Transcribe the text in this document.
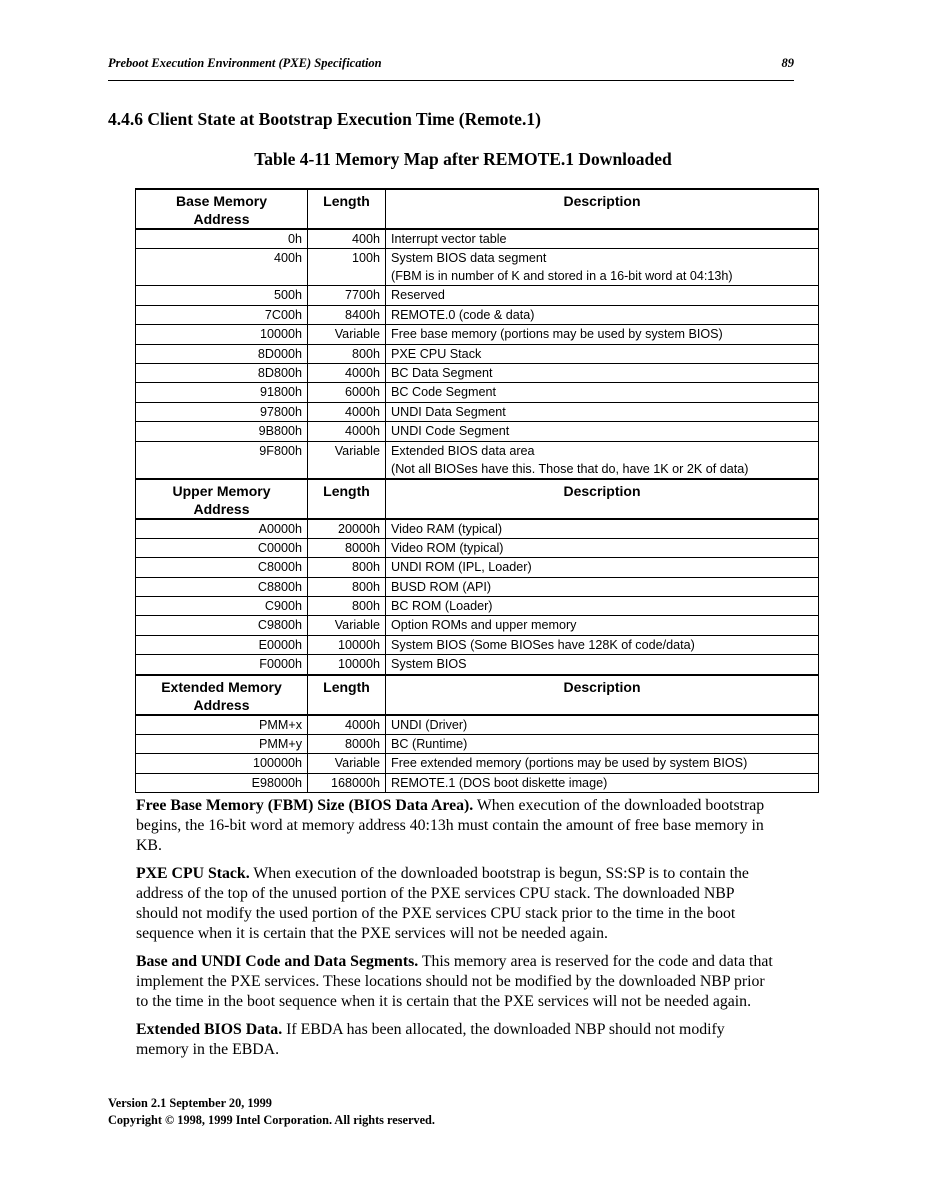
Preboot Execution Environment (PXE) Specification	89
4.4.6 Client State at Bootstrap Execution Time (Remote.1)
Table 4-11 Memory Map after REMOTE.1 Downloaded
Base Memory
Address	Length	Description
0h	400h	Interrupt vector table

400h	100h	System BIOS data segment
(FBM is in number of K and stored in a 16-bit word at 04:13h)

500h	7700h	Reserved

7C00h	8400h	REMOTE.0 (code & data)

10000h	Variable	Free base memory (portions may be used by system BIOS)

8D000h	800h	PXE CPU Stack

8D800h	4000h	BC Data Segment

91800h	6000h	BC Code Segment

97800h	4000h	UNDI Data Segment

9B800h	4000h	UNDI Code Segment

9F800h	Variable	Extended BIOS data area
(Not all BIOSes have this. Those that do, have 1K or 2K of data)

Upper Memory
Address	Length	Description
A0000h	20000h	Video RAM (typical)

C0000h	8000h	Video ROM (typical)

C8000h	800h	UNDI ROM (IPL, Loader)

C8800h	800h	BUSD ROM (API)

C900h	800h	BC ROM (Loader)

C9800h	Variable	Option ROMs and upper memory

E0000h	10000h	System BIOS (Some BIOSes have 128K of code/data)

F0000h	10000h	System BIOS

Extended Memory
Address	Length	Description
PMM+x	4000h	UNDI (Driver)

PMM+y	8000h	BC (Runtime)

100000h	Variable	Free extended memory (portions may be used by system BIOS)

E98000h	168000h	REMOTE.1 (DOS boot diskette image)

Free Base Memory (FBM) Size (BIOS Data Area). When execution of the downloaded bootstrap
begins, the 16-bit word at memory address 40:13h must contain the amount of free base memory in
KB.

PXE CPU Stack. When execution of the downloaded bootstrap is begun, SS:SP is to contain the
address of the top of the unused portion of the PXE services CPU stack. The downloaded NBP
should not modify the used portion of the PXE services CPU stack prior to the time in the boot
sequence when it is certain that the PXE services will not be needed again.

Base and UNDI Code and Data Segments. This memory area is reserved for the code and data that
implement the PXE services. These locations should not be modified by the downloaded NBP prior
to the time in the boot sequence when it is certain that the PXE services will not be needed again.

Extended BIOS Data. If EBDA has been allocated, the downloaded NBP should not modify
memory in the EBDA.

Version 2.1 September 20, 1999
Copyright © 1998, 1999 Intel Corporation. All rights reserved.
